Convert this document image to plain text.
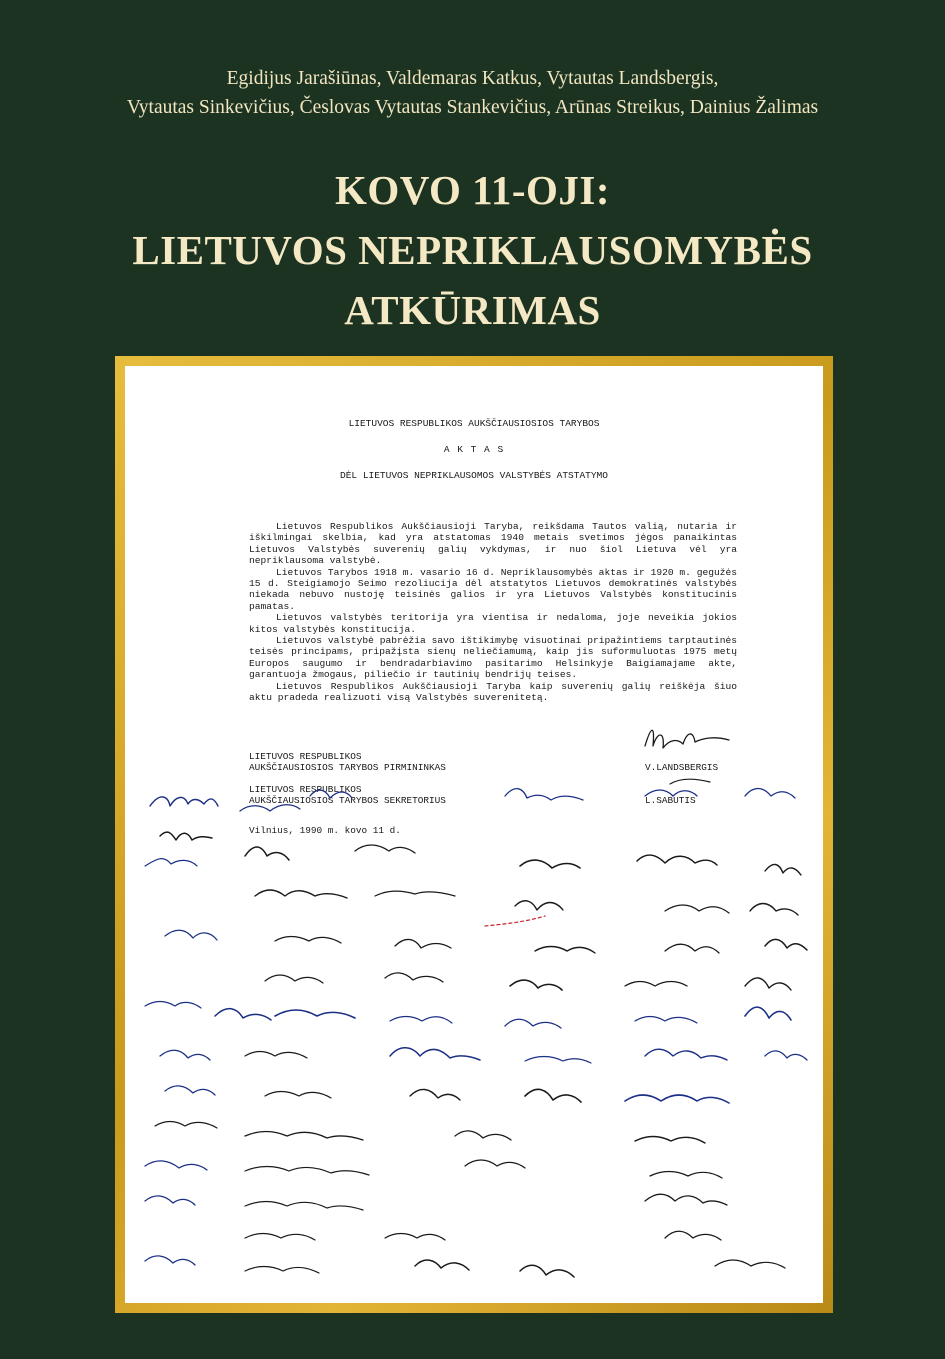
Egidijus Jarašiūnas, Valdemaras Katkus, Vytautas Landsbergis,
Vytautas Sinkevičius, Česlovas Vytautas Stankevičius, Arūnas Streikus, Dainius Žalimas
KOVO 11-OJI:
LIETUVOS NEPRIKLAUSOMYBĖS
ATKŪRIMAS
LIETUVOS RESPUBLIKOS AUKŠČIAUSIOSIOS TARYBOS
A K T A S
DĖL LIETUVOS NEPRIKLAUSOMOS VALSTYBĖS ATSTATYMO

Lietuvos Respublikos Aukščiausioji Taryba, reikšdama Tautos valią, nutaria ir iškilmingai skelbia, kad yra atstatomas 1940 metais svetimos jėgos panaikintas Lietuvos Valstybės suverenių galių vykdymas, ir nuo šiol Lietuva vėl yra nepriklausoma valstybė.

Lietuvos Tarybos 1918 m. vasario 16 d. Nepriklausomybės aktas ir 1920 m. gegužės 15 d. Steigiamojo Seimo rezoliucija dėl atstatytos Lietuvos demokratinės valstybės niekada nebuvo nustoję teisinės galios ir yra Lietuvos Valstybės konstitucinis pamatas.

Lietuvos valstybės teritorija yra vientisa ir nedaloma, joje neveikia jokios kitos valstybės konstitucija.

Lietuvos valstybė pabrėžia savo ištikimybę visuotinai pripažintiems tarptautinės teisės principams, pripažįsta sienų neliečiamumą, kaip jis suformuluotas 1975 metų Europos saugumo ir bendradarbiavimo pasitarimo Helsinkyje Baigiamajame akte, garantuoja žmogaus, piliečio ir tautinių bendrijų teises.

Lietuvos Respublikos Aukščiausioji Taryba kaip suverenių galių reiškėja šiuo aktu pradeda realizuoti visą Valstybės suverenitetą.

LIETUVOS RESPUBLIKOS
AUKŠČIAUSIOSIOS TARYBOS PIRMININKAS	V.LANDSBERGIS
LIETUVOS RESPUBLIKOS
AUKŠČIAUSIOSIOS TARYBOS SEKRETORIUS	L.SABUTIS
Vilnius, 1990 m. kovo 11 d.
